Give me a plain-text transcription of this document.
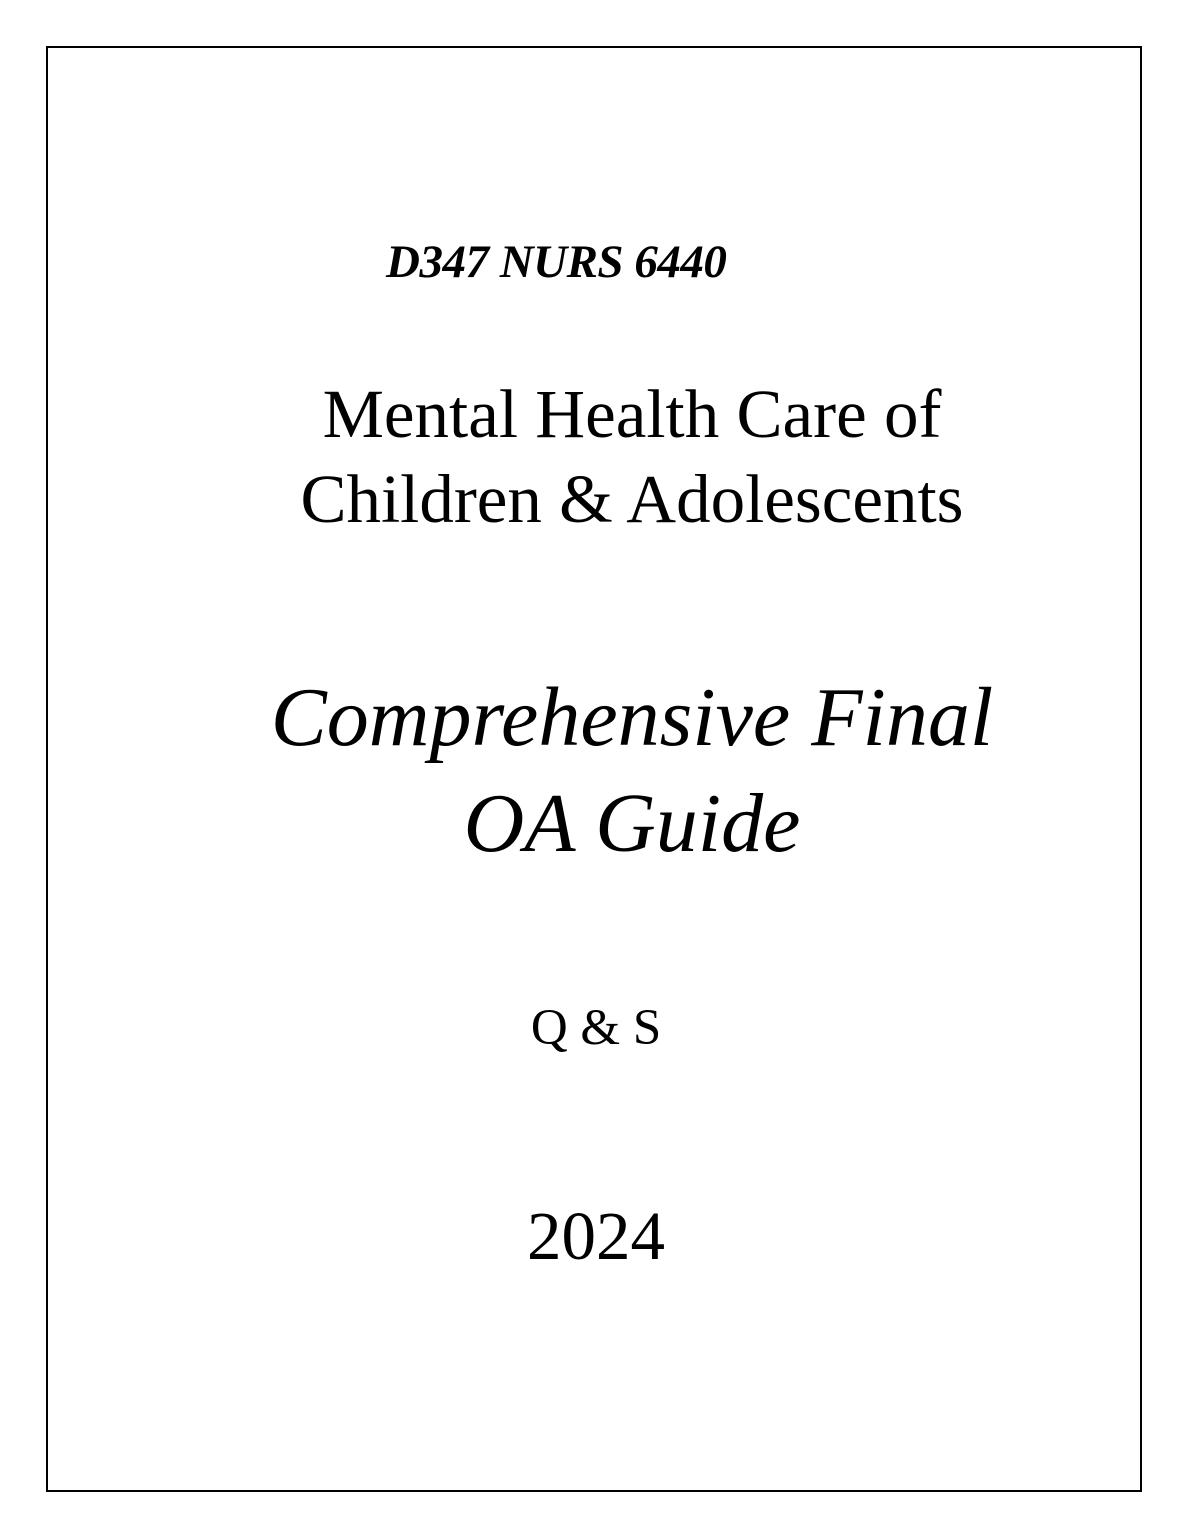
D347 NURS 6440
Mental Health Care of
Children & Adolescents
Comprehensive Final
OA Guide
Q & S
2024
